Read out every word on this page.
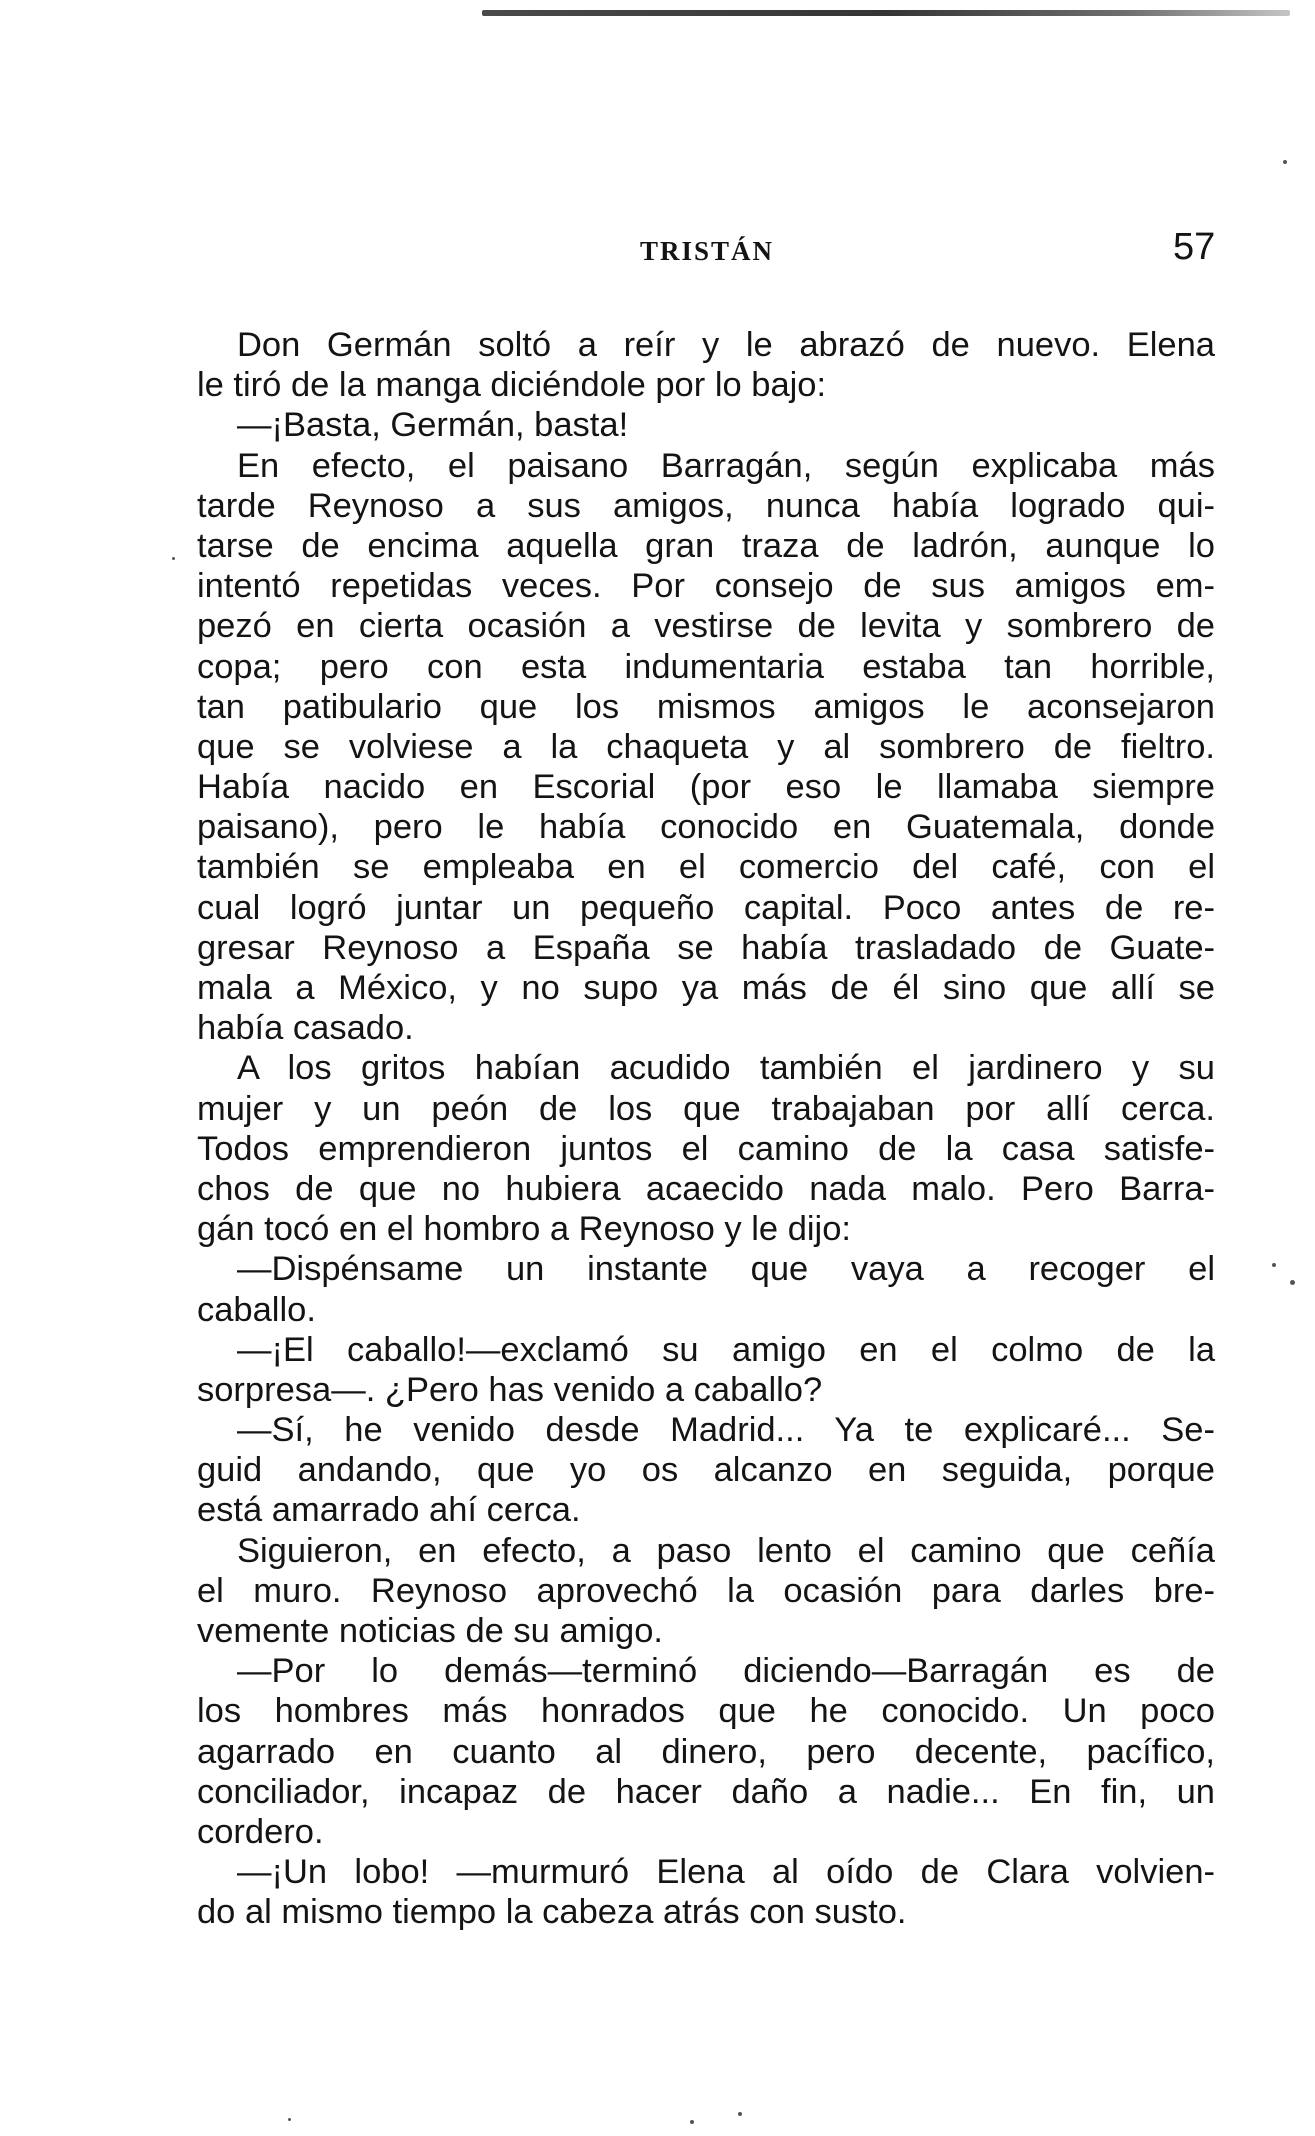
TRISTÁN	57
Don Germán soltó a reír y le abrazó de nuevo. Elena
le tiró de la manga diciéndole por lo bajo:
—¡Basta, Germán, basta!
En efecto, el paisano Barragán, según explicaba más
tarde Reynoso a sus amigos, nunca había logrado qui-
tarse de encima aquella gran traza de ladrón, aunque lo
intentó repetidas veces. Por consejo de sus amigos em-
pezó en cierta ocasión a vestirse de levita y sombrero de
copa; pero con esta indumentaria estaba tan horrible,
tan patibulario que los mismos amigos le aconsejaron
que se volviese a la chaqueta y al sombrero de fieltro.
Había nacido en Escorial (por eso le llamaba siempre
paisano), pero le había conocido en Guatemala, donde
también se empleaba en el comercio del café, con el
cual logró juntar un pequeño capital. Poco antes de re-
gresar Reynoso a España se había trasladado de Guate-
mala a México, y no supo ya más de él sino que allí se
había casado.
A los gritos habían acudido también el jardinero y su
mujer y un peón de los que trabajaban por allí cerca.
Todos emprendieron juntos el camino de la casa satisfe-
chos de que no hubiera acaecido nada malo. Pero Barra-
gán tocó en el hombro a Reynoso y le dijo:
—Dispénsame un instante que vaya a recoger el
caballo.
—¡El caballo!—exclamó su amigo en el colmo de la
sorpresa—. ¿Pero has venido a caballo?
—Sí, he venido desde Madrid... Ya te explicaré... Se-
guid andando, que yo os alcanzo en seguida, porque
está amarrado ahí cerca.
Siguieron, en efecto, a paso lento el camino que ceñía
el muro. Reynoso aprovechó la ocasión para darles bre-
vemente noticias de su amigo.
—Por lo demás—terminó diciendo—Barragán es de
los hombres más honrados que he conocido. Un poco
agarrado en cuanto al dinero, pero decente, pacífico,
conciliador, incapaz de hacer daño a nadie... En fin, un
cordero.
—¡Un lobo! —murmuró Elena al oído de Clara volvien-
do al mismo tiempo la cabeza atrás con susto.
